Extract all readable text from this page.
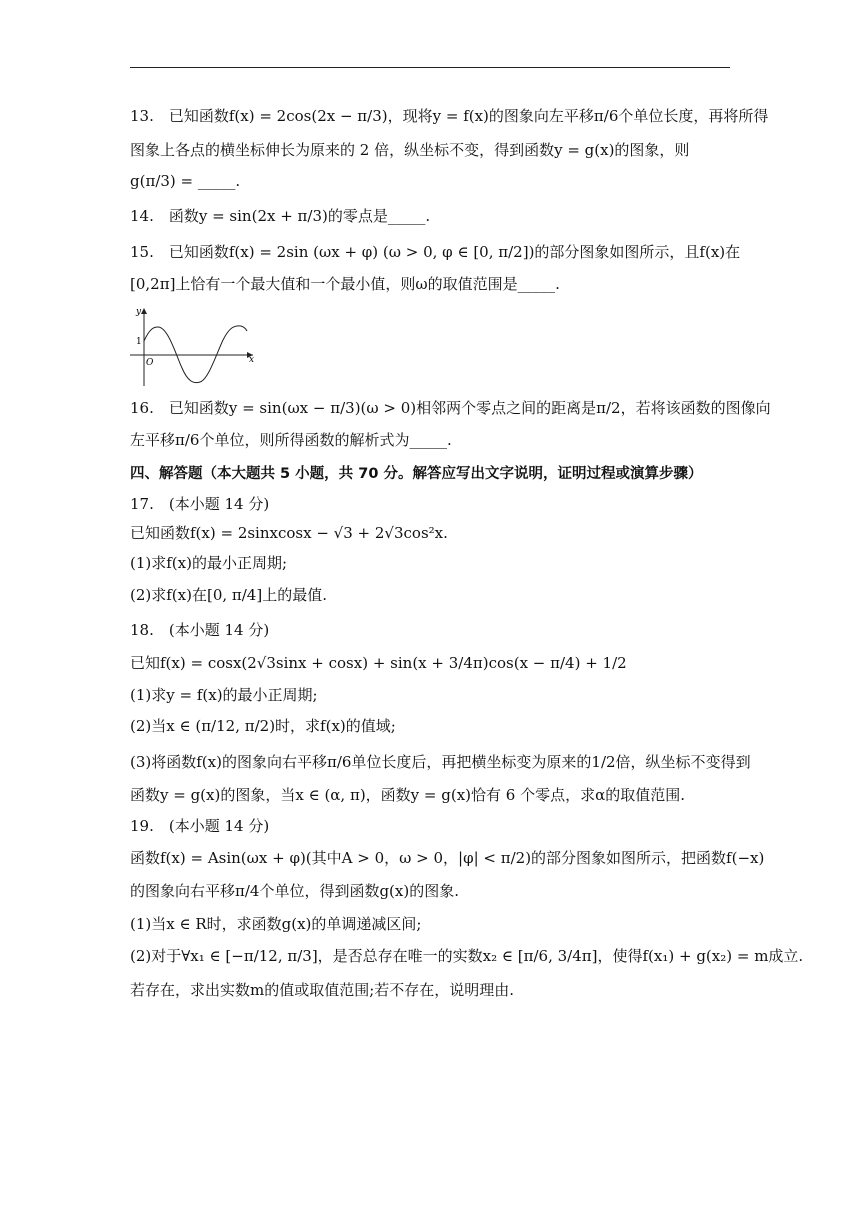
13.　已知函数f(x) = 2cos(2x − π/3)，现将y = f(x)的图象向左平移π/6个单位长度，再将所得
图象上各点的横坐标伸长为原来的 2 倍，纵坐标不变，得到函数y = g(x)的图象，则
g(π/3) = _____.
14.　函数y = sin(2x + π/3)的零点是_____.
15.　已知函数f(x) = 2sin (ωx + φ) (ω > 0, φ ∈ [0, π/2])的部分图象如图所示，且f(x)在
[0,2π]上恰有一个最大值和一个最小值，则ω的取值范围是_____.
y
x
O
1
16.　已知函数y = sin(ωx − π/3)(ω > 0)相邻两个零点之间的距离是π/2，若将该函数的图像向
左平移π/6个单位，则所得函数的解析式为_____.
四、解答题（本大题共 5 小题，共 70 分。解答应写出文字说明，证明过程或演算步骤）
17.　(本小题 14 分)
已知函数f(x) = 2sinxcosx − √3 + 2√3cos²x.
(1)求f(x)的最小正周期;
(2)求f(x)在[0, π/4]上的最值.
18.　(本小题 14 分)
已知f(x) = cosx(2√3sinx + cosx) + sin(x + 3/4π)cos(x − π/4) + 1/2
(1)求y = f(x)的最小正周期;
(2)当x ∈ (π/12, π/2)时，求f(x)的值域;
(3)将函数f(x)的图象向右平移π/6单位长度后，再把横坐标变为原来的1/2倍，纵坐标不变得到
函数y = g(x)的图象，当x ∈ (α, π)，函数y = g(x)恰有 6 个零点，求α的取值范围.
19.　(本小题 14 分)
函数f(x) = Asin(ωx + φ)(其中A > 0，ω > 0，|φ| < π/2)的部分图象如图所示，把函数f(−x)
的图象向右平移π/4个单位，得到函数g(x)的图象.
(1)当x ∈ R时，求函数g(x)的单调递减区间;
(2)对于∀x₁ ∈ [−π/12, π/3]，是否总存在唯一的实数x₂ ∈ [π/6, 3/4π]，使得f(x₁) + g(x₂) = m成立.
若存在，求出实数m的值或取值范围;若不存在，说明理由.
